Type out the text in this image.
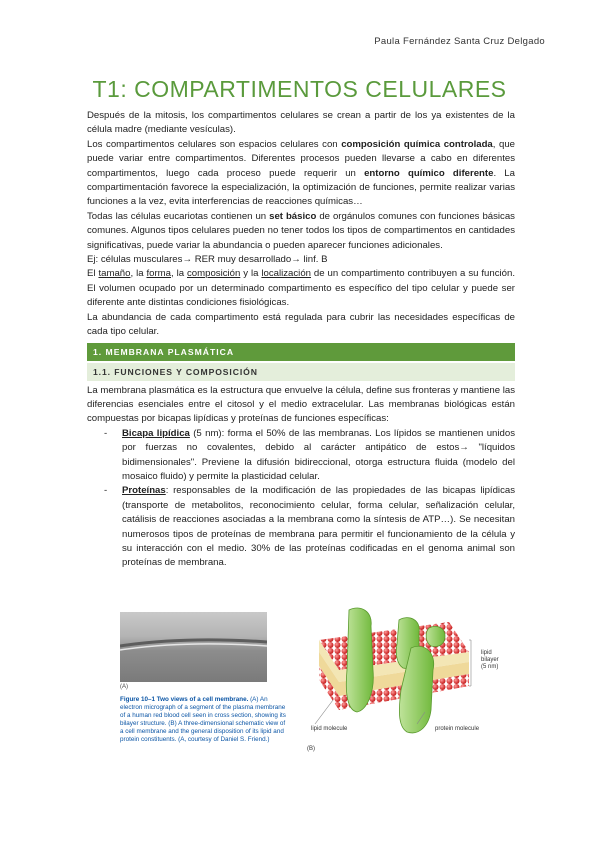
Paula Fernández Santa Cruz Delgado
T1: COMPARTIMENTOS CELULARES

Después de la mitosis, los compartimentos celulares se crean a partir de los ya existentes de la célula madre (mediante vesículas).

Los compartimentos celulares son espacios celulares con composición química controlada, que puede variar entre compartimentos. Diferentes procesos pueden llevarse a cabo en diferentes compartimentos, luego cada proceso puede requerir un entorno químico diferente. La compartimentación favorece la especialización, la optimización de funciones, permite realizar varias funciones a la vez, evita interferencias de reacciones químicas…

Todas las células eucariotas contienen un set básico de orgánulos comunes con funciones básicas comunes. Algunos tipos celulares pueden no tener todos los tipos de compartimentos en cantidades significativas, puede variar la abundancia o pueden aparecer funciones adicionales.

Ej: células musculares→ RER muy desarrollado→ linf. B

El tamaño, la forma, la composición y la localización de un compartimento contribuyen a su función. El volumen ocupado por un determinado compartimento es específico del tipo celular y puede ser diferente ante distintas condiciones fisiológicas.

La abundancia de cada compartimento está regulada para cubrir las necesidades específicas de cada tipo celular.

1. MEMBRANA PLASMÁTICA
1.1. FUNCIONES Y COMPOSICIÓN

La membrana plasmática es la estructura que envuelve la célula, define sus fronteras y mantiene las diferencias esenciales entre el citosol y el medio extracelular. Las membranas biológicas están compuestas por bicapas lipídicas y proteínas de funciones específicas:

- Bicapa lipídica (5 nm): forma el 50% de las membranas. Los lípidos se mantienen unidos por fuerzas no covalentes, debido al carácter antipático de estos→ "líquidos bidimensionales". Previene la difusión bidireccional, otorga estructura fluida (modelo del mosaico fluido) y permite la plasticidad celular.
- Proteínas: responsables de la modificación de las propiedades de las bicapas lipídicas (transporte de metabolitos, reconocimiento celular, forma celular, señalización celular, catálisis de reacciones asociadas a la membrana como la síntesis de ATP…). Se necesitan numerosos tipos de proteínas de membrana para permitir el funcionamiento de la célula y su interacción con el medio. 30% de las proteínas codificadas en el genoma animal son proteínas de membrana.
(A)
Figure 10–1 Two views of a cell membrane. (A) An electron micrograph of a segment of the plasma membrane of a human red blood cell seen in cross section, showing its bilayer structure. (B) A three-dimensional schematic view of a cell membrane and the general disposition of its lipid and protein constituents. (A, courtesy of Daniel S. Friend.)
lipid
bilayer
(5 nm)
lipid molecule	protein molecule
(B)
